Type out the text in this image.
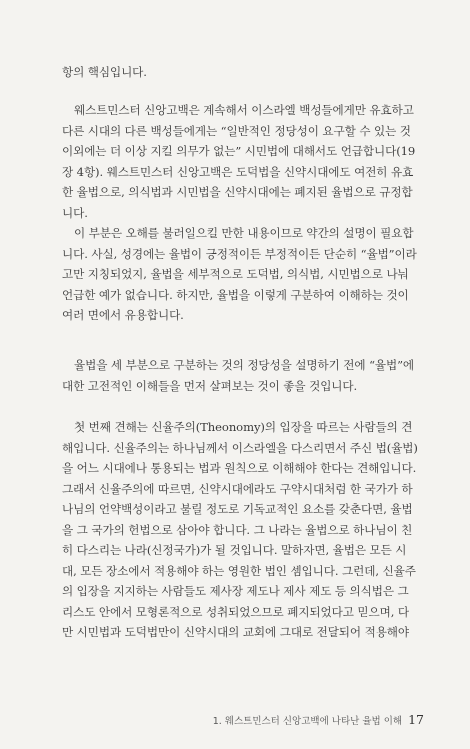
항의 핵심입니다.
웨스트민스터 신앙고백은 계속해서 이스라엘 백성들에게만 유효하고
다른 시대의 다른 백성들에게는 “일반적인 정당성이 요구할 수 있는 것
이외에는 더 이상 지킬 의무가 없는” 시민법에 대해서도 언급합니다(19
장 4항). 웨스트민스터 신앙고백은 도덕법을 신약시대에도 여전히 유효
한 율법으로, 의식법과 시민법을 신약시대에는 폐지된 율법으로 규정합
니다.
이 부분은 오해를 불러일으킬 만한 내용이므로 약간의 설명이 필요합
니다. 사실, 성경에는 율법이 긍정적이든 부정적이든 단순히 “율법”이라
고만 지칭되었지, 율법을 세부적으로 도덕법, 의식법, 시민법으로 나눠
언급한 예가 없습니다. 하지만, 율법을 이렇게 구분하여 이해하는 것이
여러 면에서 유용합니다.
율법을 세 부분으로 구분하는 것의 정당성을 설명하기 전에 “율법”에
대한 고전적인 이해들을 먼저 살펴보는 것이 좋을 것입니다.
첫 번째 견해는 신율주의(Theonomy)의 입장을 따르는 사람들의 견
해입니다. 신율주의는 하나님께서 이스라엘을 다스리면서 주신 법(율법)
을 어느 시대에나 통용되는 법과 원칙으로 이해해야 한다는 견해입니다.
그래서 신율주의에 따르면, 신약시대에라도 구약시대처럼 한 국가가 하
나님의 언약백성이라고 불릴 정도로 기독교적인 요소를 갖춘다면, 율법
을 그 국가의 헌법으로 삼아야 합니다. 그 나라는 율법으로 하나님이 친
히 다스리는 나라(신정국가)가 될 것입니다. 말하자면, 율법은 모든 시
대, 모든 장소에서 적용해야 하는 영원한 법인 셈입니다. 그런데, 신율주
의 입장을 지지하는 사람들도 제사장 제도나 제사 제도 등 의식법은 그
리스도 안에서 모형론적으로 성취되었으므로 폐지되었다고 믿으며, 다
만 시민법과 도덕법만이 신약시대의 교회에 그대로 전달되어 적용해야
1. 웨스트민스터 신앙고백에 나타난 율법 이해 17
